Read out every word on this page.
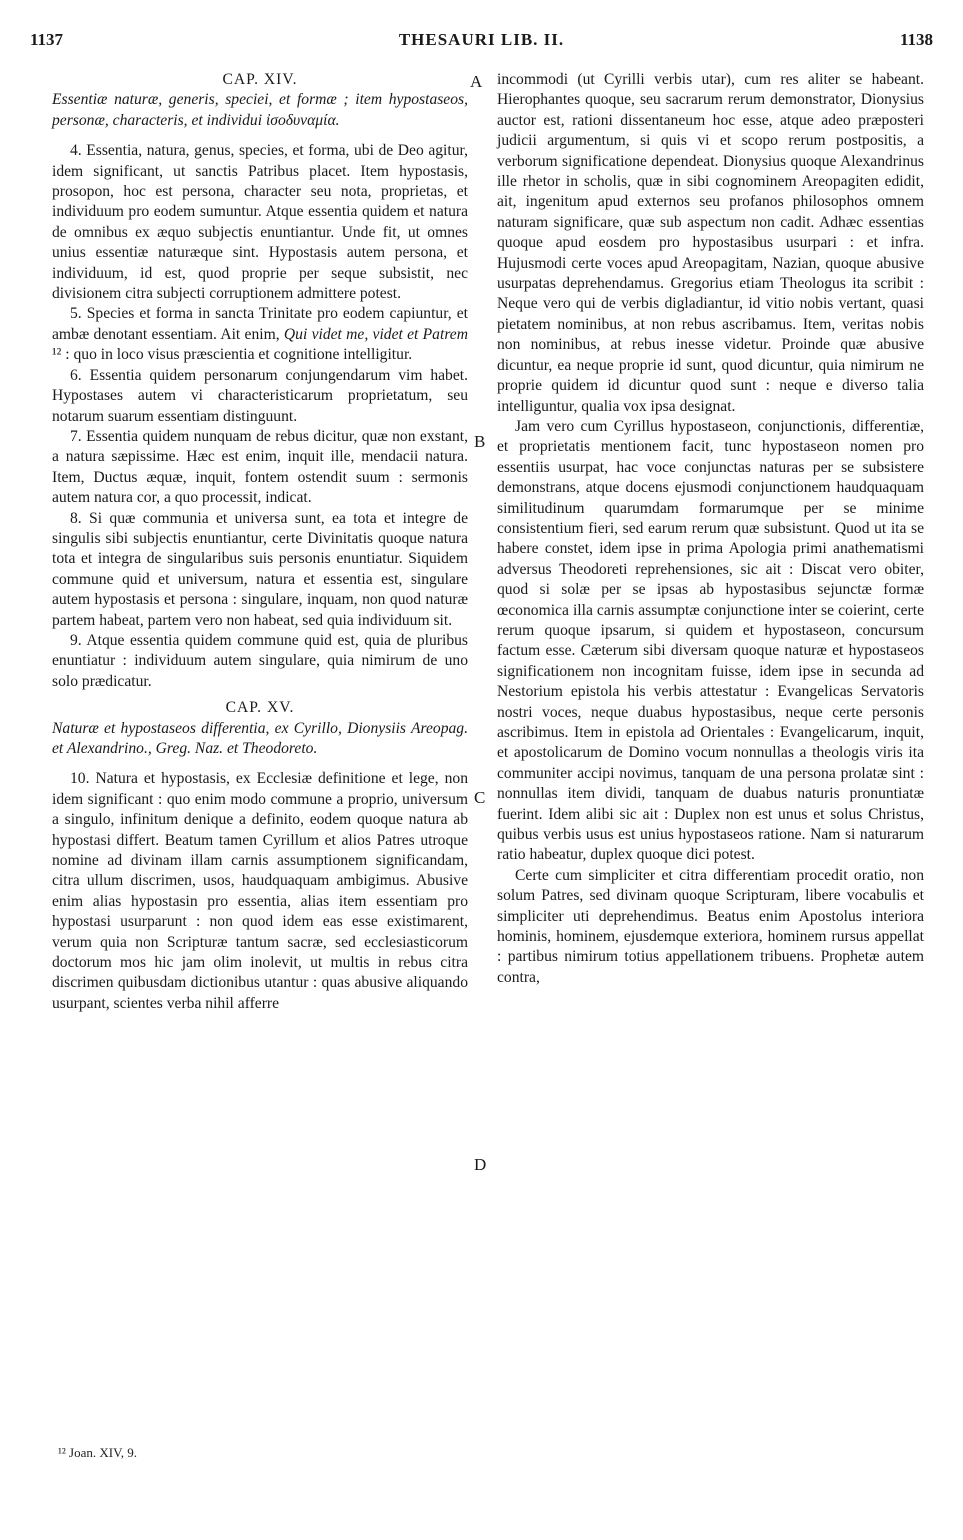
1137	THESAURI LIB. II.	1138
A
B
C
D

CAP. XIV.

Essentiæ naturæ, generis, speciei, et formæ ; item hypostaseos, personæ, characteris, et individui ἰσοδυναμία.

4. Essentia, natura, genus, species, et forma, ubi de Deo agitur, idem significant, ut sanctis Patribus placet. Item hypostasis, prosopon, hoc est persona, character seu nota, proprietas, et individuum pro eodem sumuntur. Atque essentia quidem et natura de omnibus ex æquo subjectis enuntiantur. Unde fit, ut omnes unius essentiæ naturæque sint. Hypostasis autem persona, et individuum, id est, quod proprie per seque subsistit, nec divisionem citra subjecti corruptionem admittere potest.

5. Species et forma in sancta Trinitate pro eodem capiuntur, et ambæ denotant essentiam. Ait enim, Qui videt me, videt et Patrem ¹² : quo in loco visus præscientia et cognitione intelligitur.

6. Essentia quidem personarum conjungendarum vim habet. Hypostases autem vi characteristicarum proprietatum, seu notarum suarum essentiam distinguunt.

7. Essentia quidem nunquam de rebus dicitur, quæ non exstant, a natura sæpissime. Hæc est enim, inquit ille, mendacii natura. Item, Ductus æquæ, inquit, fontem ostendit suum : sermonis autem natura cor, a quo processit, indicat.

8. Si quæ communia et universa sunt, ea tota et integre de singulis sibi subjectis enuntiantur, certe Divinitatis quoque natura tota et integra de singularibus suis personis enuntiatur. Siquidem commune quid et universum, natura et essentia est, singulare autem hypostasis et persona : singulare, inquam, non quod naturæ partem habeat, partem vero non habeat, sed quia individuum sit.

9. Atque essentia quidem commune quid est, quia de pluribus enuntiatur : individuum autem singulare, quia nimirum de uno solo prædicatur.

CAP. XV.

Naturæ et hypostaseos differentia, ex Cyrillo, Dionysiis Areopag. et Alexandrino., Greg. Naz. et Theodoreto.

10. Natura et hypostasis, ex Ecclesiæ definitione et lege, non idem significant : quo enim modo commune a proprio, universum a singulo, infinitum denique a definito, eodem quoque natura ab hypostasi differt. Beatum tamen Cyrillum et alios Patres utroque nomine ad divinam illam carnis assumptionem significandam, citra ullum discrimen, usos, haudquaquam ambigimus. Abusive enim alias hypostasin pro essentia, alias item essentiam pro hypostasi usurparunt : non quod idem eas esse existimarent, verum quia non Scripturæ tantum sacræ, sed ecclesiasticorum doctorum mos hic jam olim inolevit, ut multis in rebus citra discrimen quibusdam dictionibus utantur : quas abusive aliquando usurpant, scientes verba nihil afferre

incommodi (ut Cyrilli verbis utar), cum res aliter se habeant. Hierophantes quoque, seu sacrarum rerum demonstrator, Dionysius auctor est, rationi dissentaneum hoc esse, atque adeo præposteri judicii argumentum, si quis vi et scopo rerum postpositis, a verborum significatione dependeat. Dionysius quoque Alexandrinus ille rhetor in scholis, quæ in sibi cognominem Areopagiten edidit, ait, ingenitum apud externos seu profanos philosophos omnem naturam significare, quæ sub aspectum non cadit. Adhæc essentias quoque apud eosdem pro hypostasibus usurpari : et infra. Hujusmodi certe voces apud Areopagitam, Nazian, quoque abusive usurpatas deprehendamus. Gregorius etiam Theologus ita scribit : Neque vero qui de verbis digladiantur, id vitio nobis vertant, quasi pietatem nominibus, at non rebus ascribamus. Item, veritas nobis non nominibus, at rebus inesse videtur. Proinde quæ abusive dicuntur, ea neque proprie id sunt, quod dicuntur, quia nimirum ne proprie quidem id dicuntur quod sunt : neque e diverso talia intelliguntur, qualia vox ipsa designat.

Jam vero cum Cyrillus hypostaseon, conjunctionis, differentiæ, et proprietatis mentionem facit, tunc hypostaseon nomen pro essentiis usurpat, hac voce conjunctas naturas per se subsistere demonstrans, atque docens ejusmodi conjunctionem haudquaquam similitudinum quarumdam formarumque per se minime consistentium fieri, sed earum rerum quæ subsistunt. Quod ut ita se habere constet, idem ipse in prima Apologia primi anathematismi adversus Theodoreti reprehensiones, sic ait : Discat vero obiter, quod si solæ per se ipsas ab hypostasibus sejunctæ formæ œconomica illa carnis assumptæ conjunctione inter se coierint, certe rerum quoque ipsarum, si quidem et hypostaseon, concursum factum esse. Cæterum sibi diversam quoque naturæ et hypostaseos significationem non incognitam fuisse, idem ipse in secunda ad Nestorium epistola his verbis attestatur : Evangelicas Servatoris nostri voces, neque duabus hypostasibus, neque certe personis ascribimus. Item in epistola ad Orientales : Evangelicarum, inquit, et apostolicarum de Domino vocum nonnullas a theologis viris ita communiter accipi novimus, tanquam de una persona prolatæ sint : nonnullas item dividi, tanquam de duabus naturis pronuntiatæ fuerint. Idem alibi sic ait : Duplex non est unus et solus Christus, quibus verbis usus est unius hypostaseos ratione. Nam si naturarum ratio habeatur, duplex quoque dici potest.

Certe cum simpliciter et citra differentiam procedit oratio, non solum Patres, sed divinam quoque Scripturam, libere vocabulis et simpliciter uti deprehendimus. Beatus enim Apostolus interiora hominis, hominem, ejusdemque exteriora, hominem rursus appellat : partibus nimirum totius appellationem tribuens. Prophetæ autem contra,

¹² Joan. XIV, 9.
